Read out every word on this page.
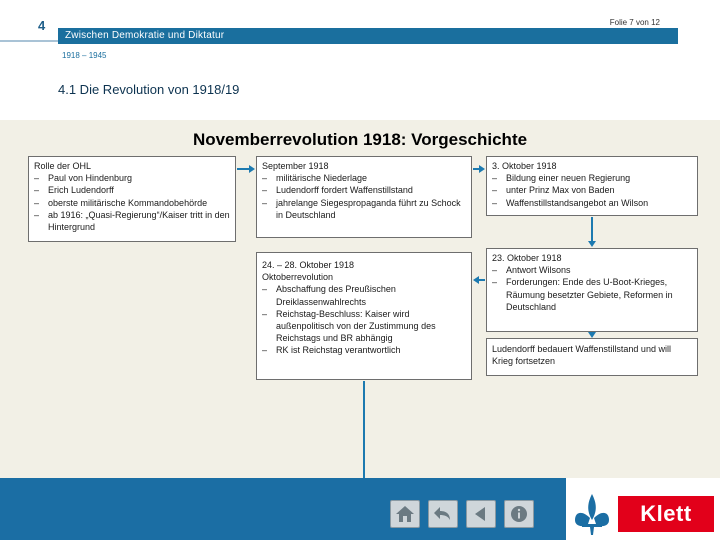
4
Zwischen Demokratie und Diktatur
Folie 7 von 12
1918 – 1945
4.1 Die Revolution von 1918/19
Novemberrevolution 1918: Vorgeschichte
Rolle der OHL
– Paul von Hindenburg
– Erich Ludendorff
– oberste militärische Kommandobehörde
– ab 1916: „Quasi-Regierung“/Kaiser tritt in den Hintergrund
September 1918
– militärische Niederlage
– Ludendorff fordert Waffenstillstand
– jahrelange Siegespropaganda führt zu Schock in Deutschland
3. Oktober 1918
– Bildung einer neuen Regierung
– unter Prinz Max von Baden
– Waffenstillstandsangebot an Wilson
24. – 28. Oktober 1918
Oktoberrevolution
– Abschaffung des Preußischen Dreiklassenwahlrechts
– Reichstag-Beschluss: Kaiser wird außenpolitisch von der Zustimmung des Reichstags und BR abhängig
– RK ist Reichstag verantwortlich
23. Oktober 1918
– Antwort Wilsons
– Forderungen: Ende des U-Boot-Krieges, Räumung besetzter Gebiete, Reformen in Deutschland
Ludendorff bedauert Waffenstillstand und will Krieg fortsetzen
Klett
